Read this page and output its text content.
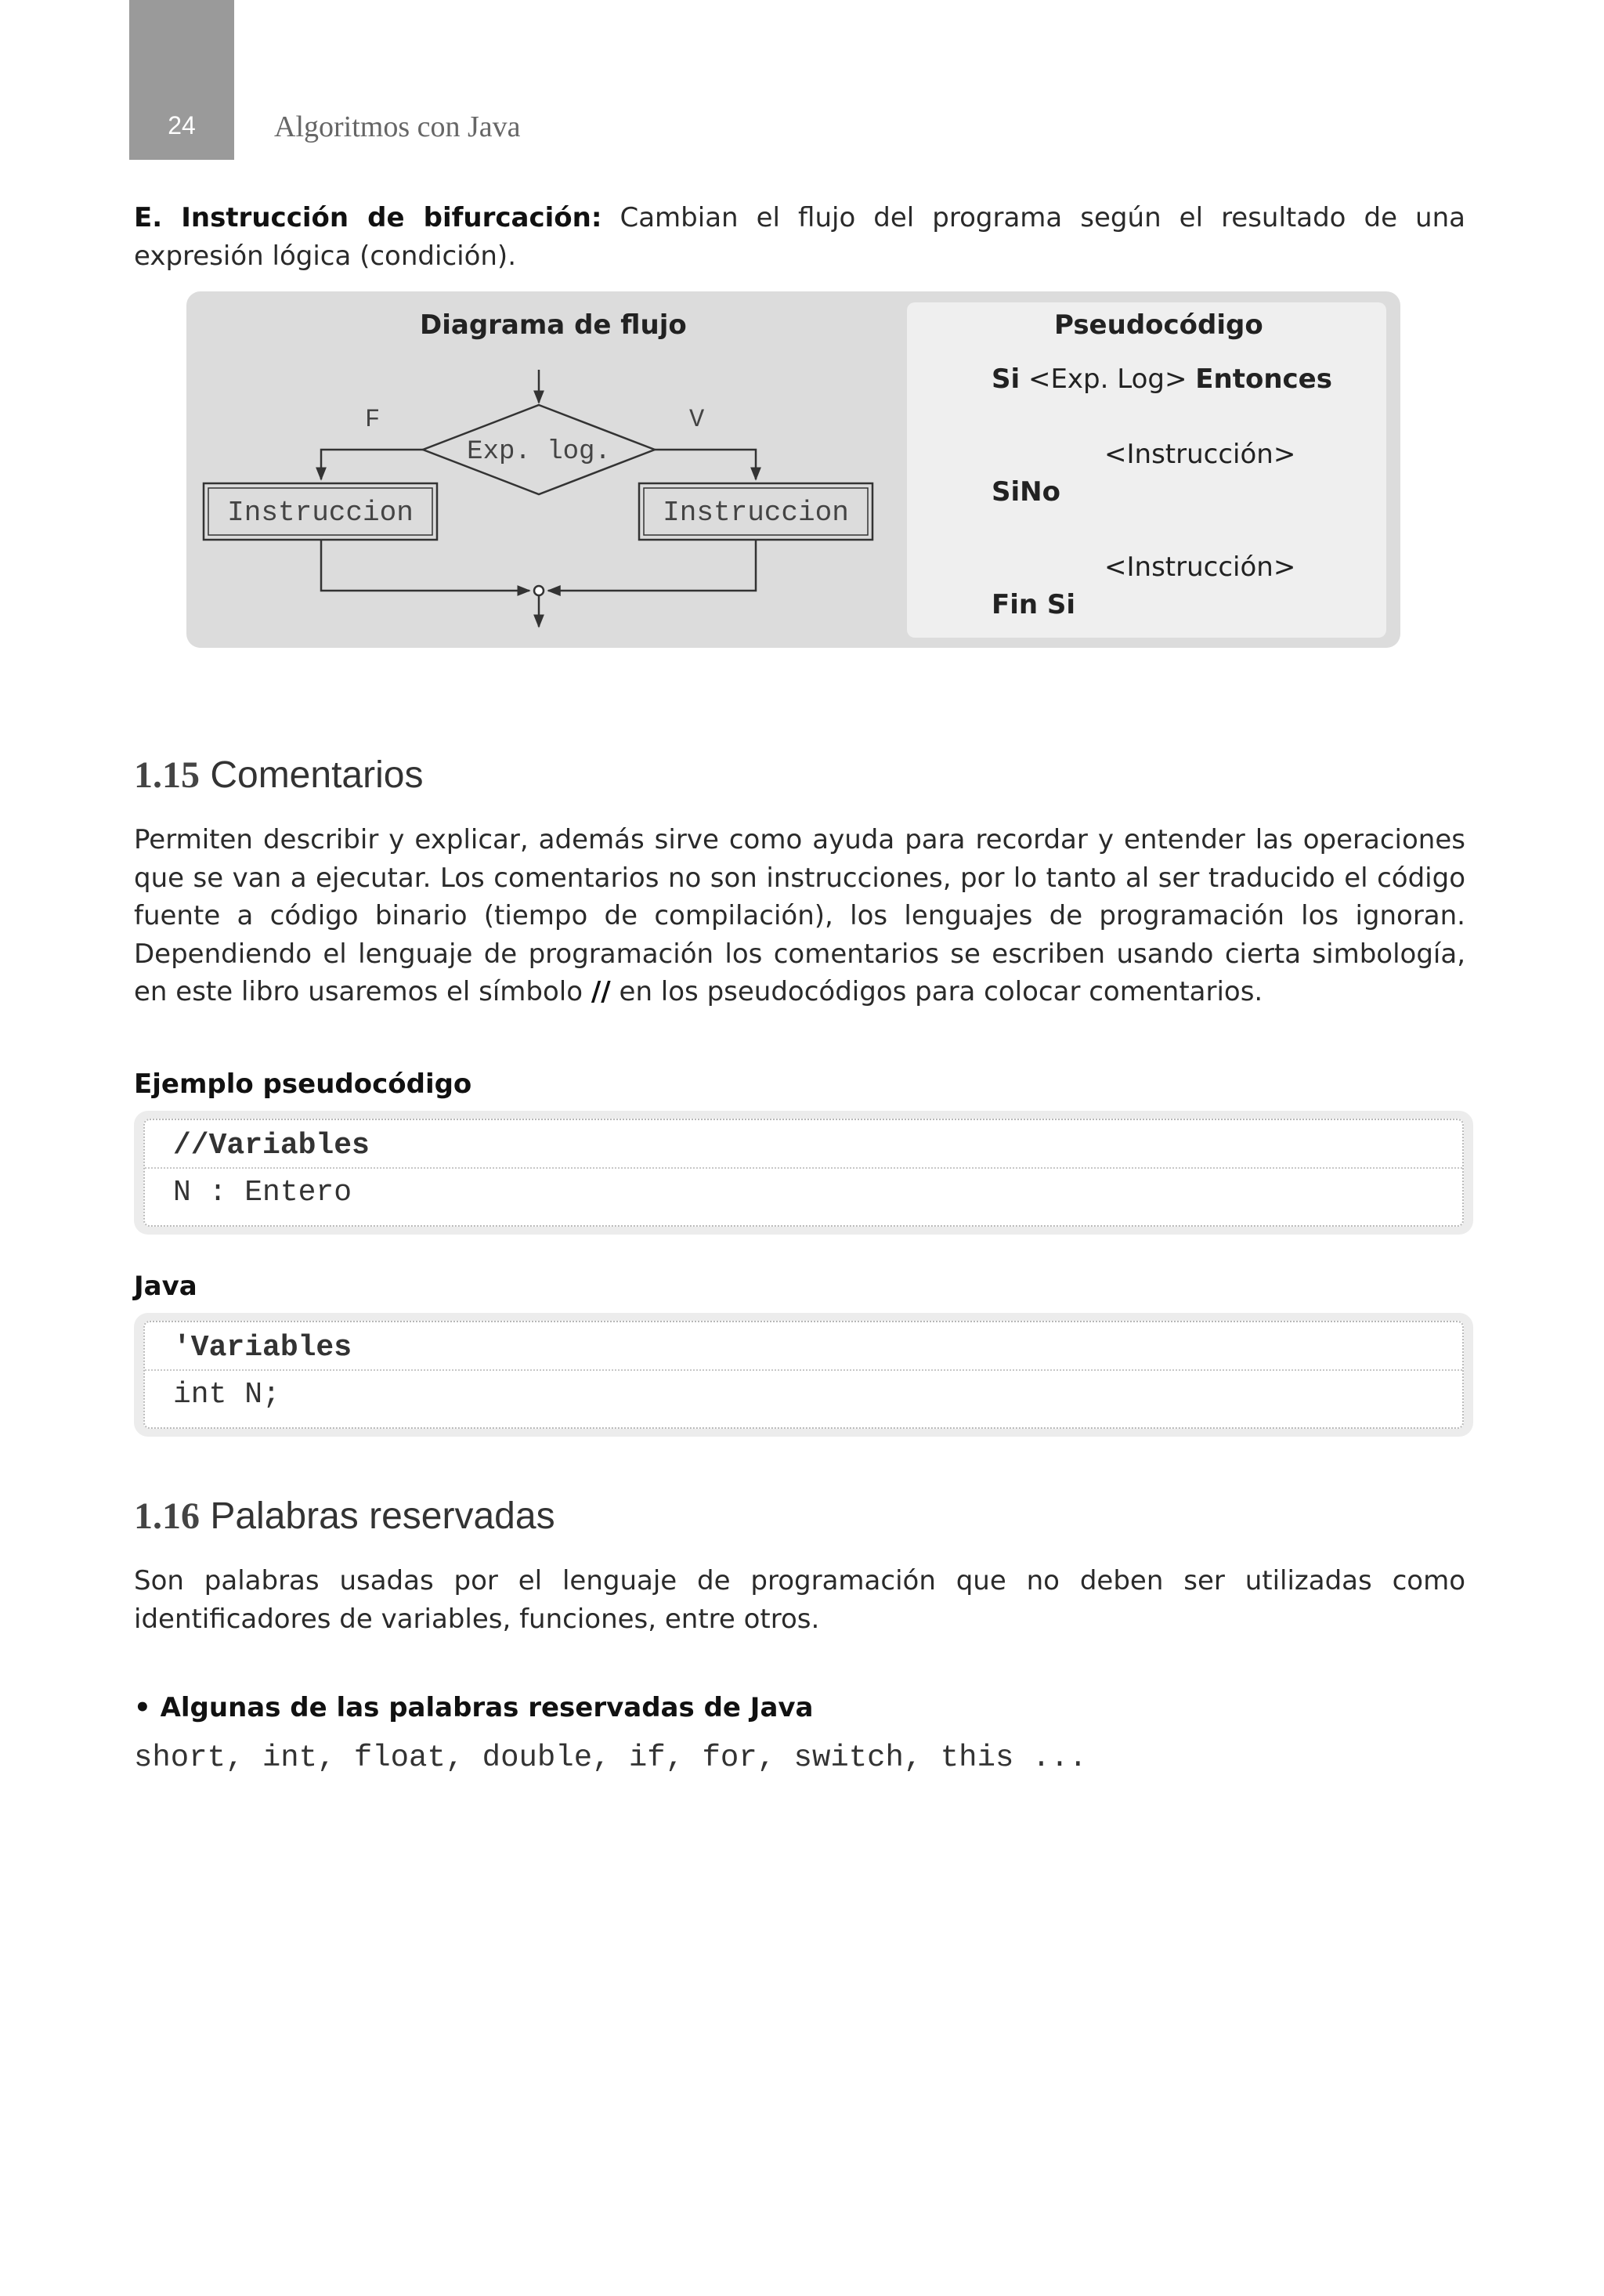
24	Algoritmos con Java
E. Instrucción de bifurcación: Cambian el flujo del programa según el resultado de una expresión lógica (condición).
Diagrama de flujo
F	V
Exp. log.
Instruccion	Instruccion
Pseudocódigo
Si <Exp. Log> Entonces
<Instrucción>
SiNo
<Instrucción>
Fin Si
1.15 Comentarios
Permiten describir y explicar, además sirve como ayuda para recordar y entender las operaciones que se van a ejecutar. Los comentarios no son instrucciones, por lo tanto al ser traducido el código fuente a código binario (tiempo de compilación), los lenguajes de programación los ignoran. Dependiendo el lenguaje de programación los comentarios se escriben usando cierta simbología, en este libro usaremos el símbolo // en los pseudocódigos para colocar comentarios.
Ejemplo pseudocódigo
//Variables
N : Entero
Java
'Variables
int N;
1.16 Palabras reservadas
Son palabras usadas por el lenguaje de programación que no deben ser utilizadas como identificadores de variables, funciones, entre otros.
• Algunas de las palabras reservadas de Java
short, int, float, double, if, for, switch, this ...
